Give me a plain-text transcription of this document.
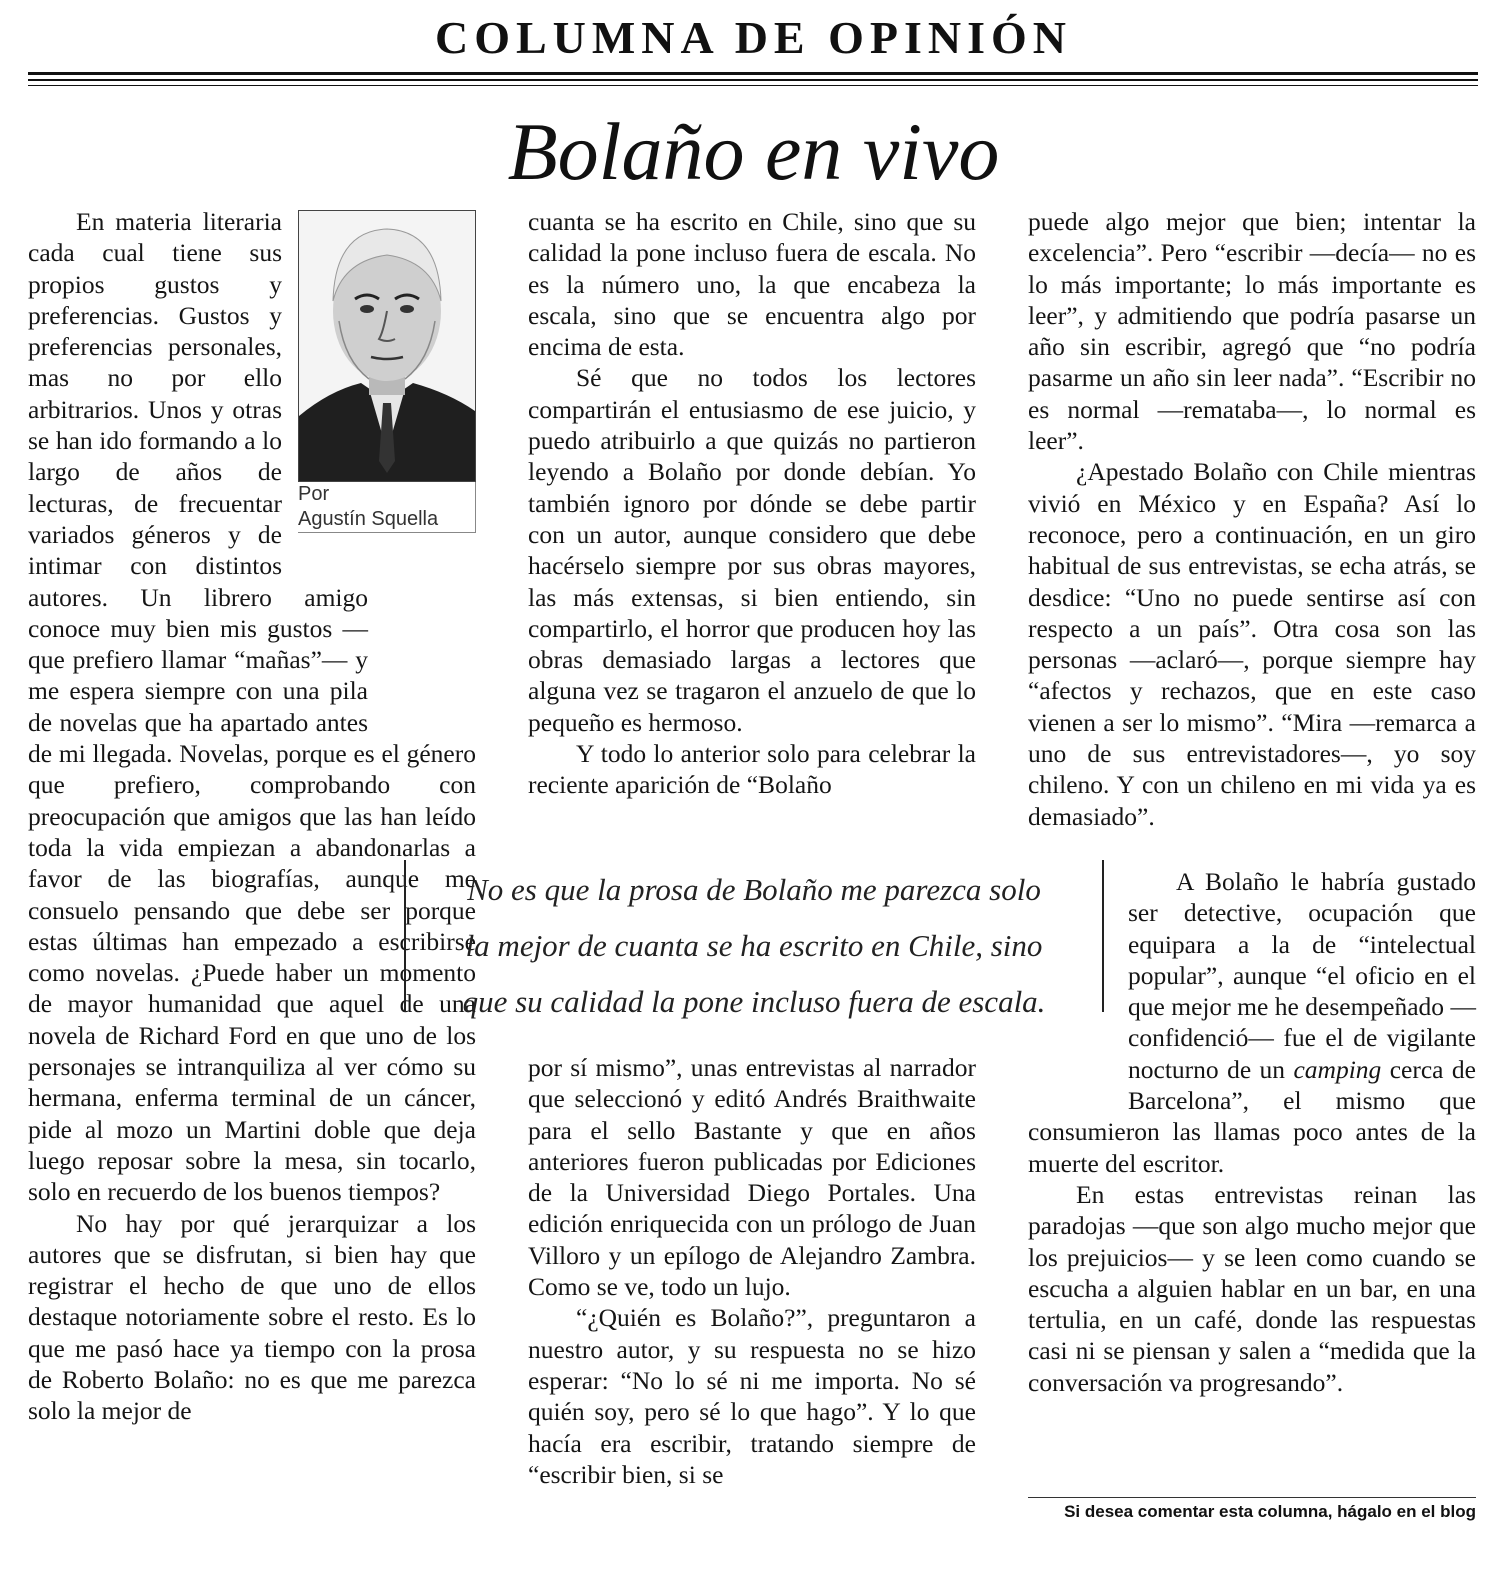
COLUMNA DE OPINIÓN
Bolaño en vivo
Por
Agustín Squella

En materia literaria cada cual tiene sus propios gustos y preferencias. Gustos y preferencias personales, mas no por ello arbitrarios. Unos y otras se han ido formando a lo largo de años de lecturas, de frecuentar variados géneros y de intimar con distintos autores. Un librero amigo conoce muy bien mis gustos —que prefiero llamar “mañas”— y me espera siempre con una pila de novelas que ha apartado antes de mi llegada. Novelas, porque es el género que prefiero, comprobando con preocupación que amigos que las han leído toda la vida empiezan a abandonarlas a favor de las biografías, aunque me consuelo pensando que debe ser porque estas últimas han empezado a escribirse como novelas. ¿Puede haber un momento de mayor humanidad que aquel de una novela de Richard Ford en que uno de los personajes se intranquiliza al ver cómo su hermana, enferma terminal de un cáncer, pide al mozo un Martini doble que deja luego reposar sobre la mesa, sin tocarlo, solo en recuerdo de los buenos tiempos?

No hay por qué jerarquizar a los autores que se disfrutan, si bien hay que registrar el hecho de que uno de ellos destaque notoriamente sobre el resto. Es lo que me pasó hace ya tiempo con la prosa de Roberto Bolaño: no es que me parezca solo la mejor de

cuanta se ha escrito en Chile, sino que su calidad la pone incluso fuera de escala. No es la número uno, la que encabeza la escala, sino que se encuentra algo por encima de esta.

Sé que no todos los lectores compartirán el entusiasmo de ese juicio, y puedo atribuirlo a que quizás no partieron leyendo a Bolaño por donde debían. Yo también ignoro por dónde se debe partir con un autor, aunque considero que debe hacérselo siempre por sus obras mayores, las más extensas, si bien entiendo, sin compartirlo, el horror que producen hoy las obras demasiado largas a lectores que alguna vez se tragaron el anzuelo de que lo pequeño es hermoso.

Y todo lo anterior solo para celebrar la reciente aparición de “Bolaño

por sí mismo”, unas entrevistas al narrador que seleccionó y editó Andrés Braithwaite para el sello Bastante y que en años anteriores fueron publicadas por Ediciones de la Universidad Diego Portales. Una edición enriquecida con un prólogo de Juan Villoro y un epílogo de Alejandro Zambra. Como se ve, todo un lujo.

“¿Quién es Bolaño?”, preguntaron a nuestro autor, y su respuesta no se hizo esperar: “No lo sé ni me importa. No sé quién soy, pero sé lo que hago”. Y lo que hacía era escribir, tratando siempre de “escribir bien, si se

puede algo mejor que bien; intentar la excelencia”. Pero “escribir —decía— no es lo más importante; lo más importante es leer”, y admitiendo que podría pasarse un año sin escribir, agregó que “no podría pasarme un año sin leer nada”. “Escribir no es normal —remataba—, lo normal es leer”.

¿Apestado Bolaño con Chile mientras vivió en México y en España? Así lo reconoce, pero a continuación, en un giro habitual de sus entrevistas, se echa atrás, se desdice: “Uno no puede sentirse así con respecto a un país”. Otra cosa son las personas —aclaró—, porque siempre hay “afectos y rechazos, que en este caso vienen a ser lo mismo”. “Mira —remarca a uno de sus entrevistadores—, yo soy chileno. Y con un chileno en mi vida ya es demasiado”.

A Bolaño le habría gustado ser detective, ocupación que equipara a la de “intelectual popular”, aunque “el oficio en el que mejor me he desempeñado —confidenció— fue el de vigilante nocturno de un camping cerca de Barcelona”, el mismo que consumieron las llamas poco antes de la muerte del escritor.

En estas entrevistas reinan las paradojas —que son algo mucho mejor que los prejuicios— y se leen como cuando se escucha a alguien hablar en un bar, en una tertulia, en un café, donde las respuestas casi ni se piensan y salen a “medida que la conversación va progresando”.

No es que la prosa de Bolaño me parezca solo
la mejor de cuanta se ha escrito en Chile, sino
que su calidad la pone incluso fuera de escala.
Si desea comentar esta columna, hágalo en el blog
